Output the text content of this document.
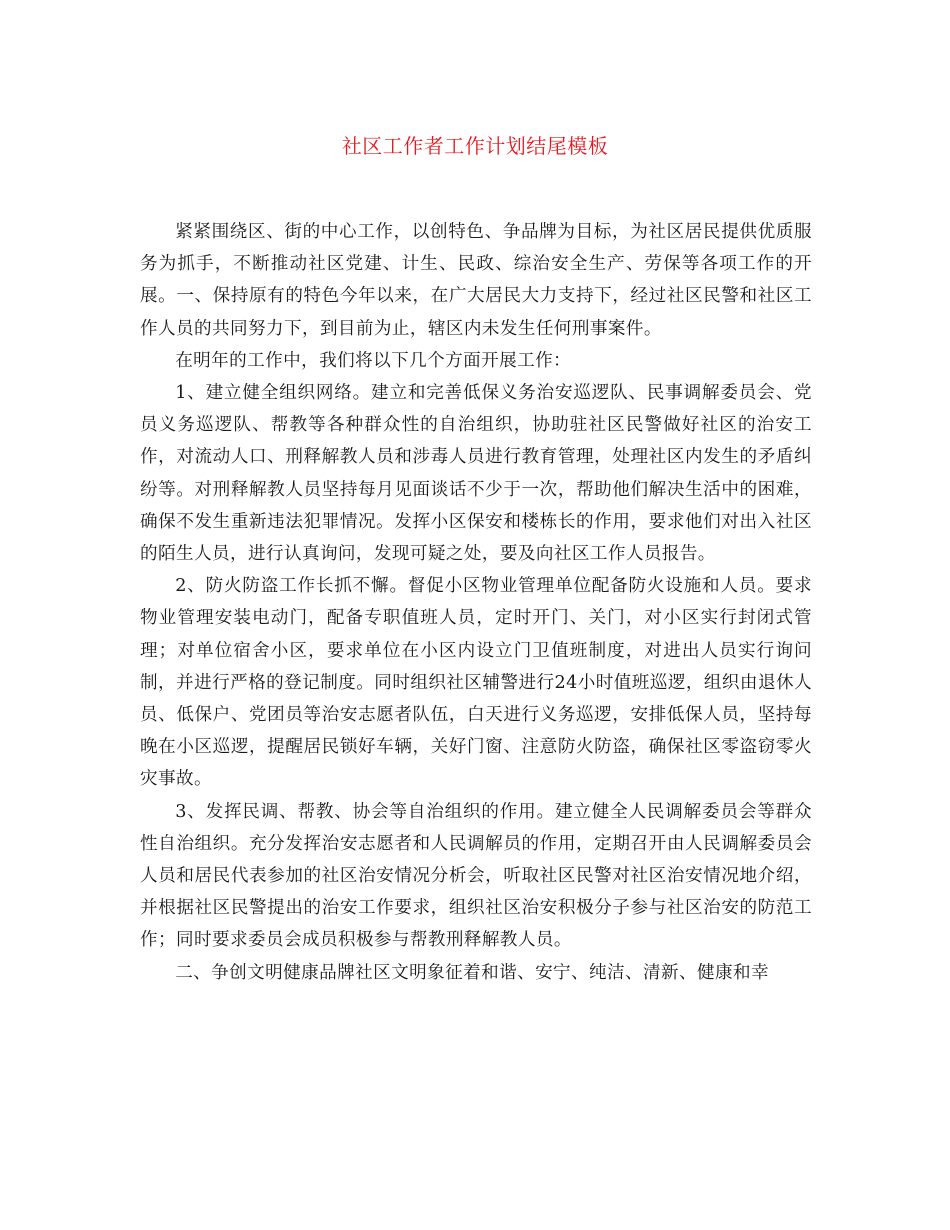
社区工作者工作计划结尾模板

紧紧围绕区、街的中心工作，以创特色、争品牌为目标，为社区居民提供优质服务为抓手，不断推动社区党建、计生、民政、综治安全生产、劳保等各项工作的开展。一、保持原有的特色今年以来，在广大居民大力支持下，经过社区民警和社区工作人员的共同努力下，到目前为止，辖区内未发生任何刑事案件。

在明年的工作中，我们将以下几个方面开展工作：

1、建立健全组织网络。建立和完善低保义务治安巡逻队、民事调解委员会、党员义务巡逻队、帮教等各种群众性的自治组织，协助驻社区民警做好社区的治安工作，对流动人口、刑释解教人员和涉毒人员进行教育管理，处理社区内发生的矛盾纠纷等。对刑释解教人员坚持每月见面谈话不少于一次，帮助他们解决生活中的困难，确保不发生重新违法犯罪情况。发挥小区保安和楼栋长的作用，要求他们对出入社区的陌生人员，进行认真询问，发现可疑之处，要及向社区工作人员报告。

2、防火防盗工作长抓不懈。督促小区物业管理单位配备防火设施和人员。要求物业管理安装电动门，配备专职值班人员，定时开门、关门，对小区实行封闭式管理；对单位宿舍小区，要求单位在小区内设立门卫值班制度，对进出人员实行询问制，并进行严格的登记制度。同时组织社区辅警进行24小时值班巡逻，组织由退休人员、低保户、党团员等治安志愿者队伍，白天进行义务巡逻，安排低保人员，坚持每晚在小区巡逻，提醒居民锁好车辆，关好门窗、注意防火防盗，确保社区零盗窃零火灾事故。

3、发挥民调、帮教、协会等自治组织的作用。建立健全人民调解委员会等群众性自治组织。充分发挥治安志愿者和人民调解员的作用，定期召开由人民调解委员会人员和居民代表参加的社区治安情况分析会，听取社区民警对社区治安情况地介绍，并根据社区民警提出的治安工作要求，组织社区治安积极分子参与社区治安的防范工作；同时要求委员会成员积极参与帮教刑释解教人员。

二、争创文明健康品牌社区文明象征着和谐、安宁、纯洁、清新、健康和幸
